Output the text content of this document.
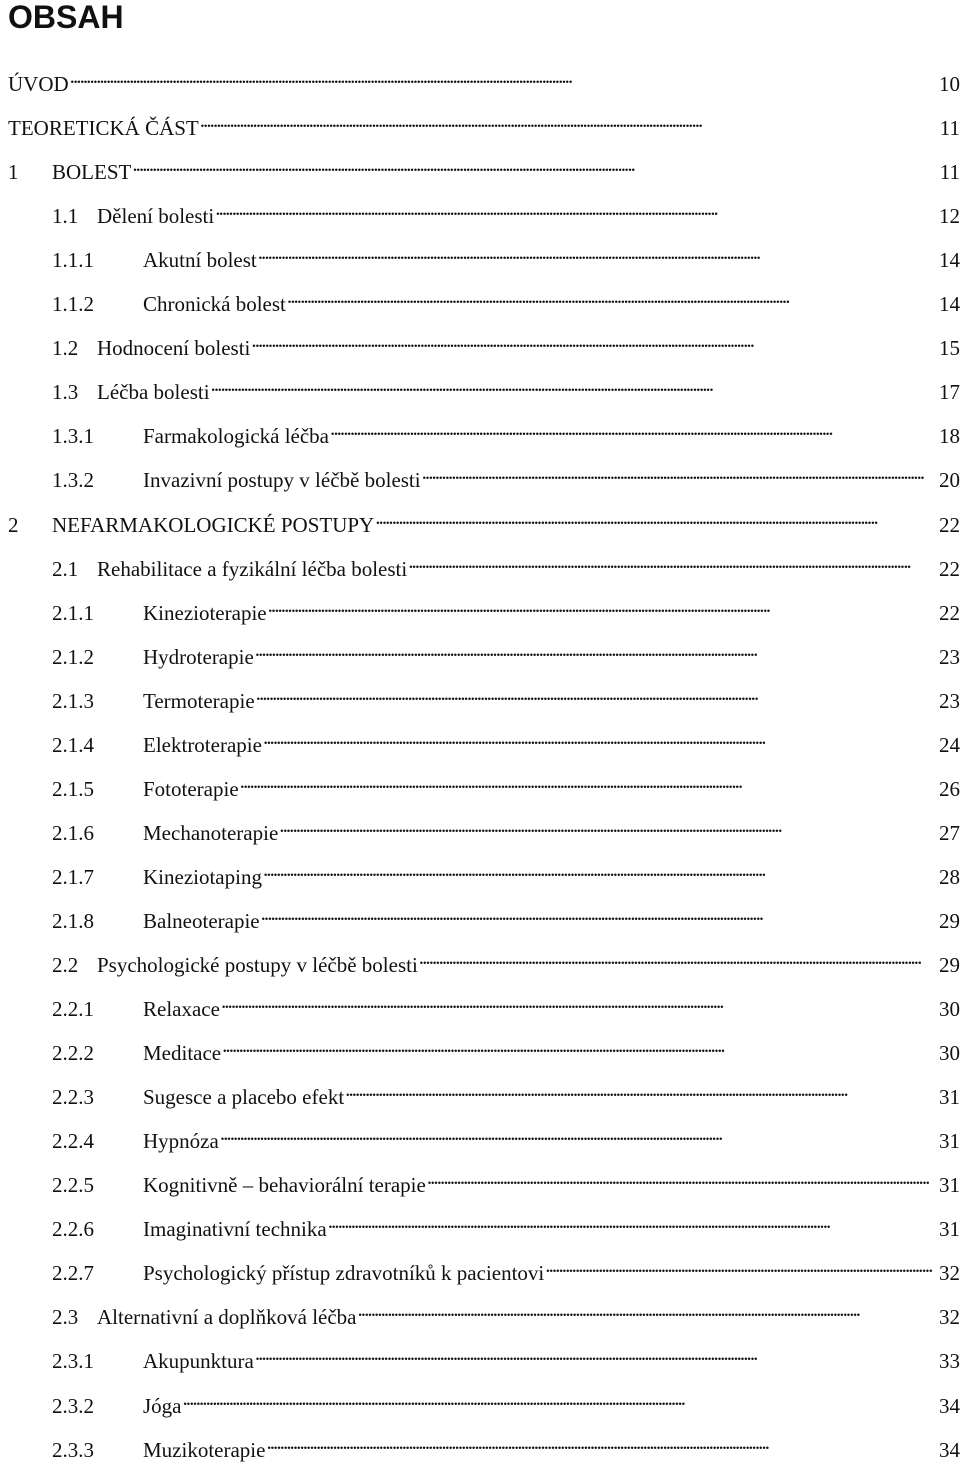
OBSAH
ÚVOD . . .	10
TEORETICKÁ ČÁST . . .	11
1	BOLEST . . .	11
1.1 Dělení bolesti . . .	12
1.1.1	Akutní bolest . . .	14
1.1.2	Chronická bolest . . .	14
1.2 Hodnocení bolesti . . .	15
1.3 Léčba bolesti . . .	17
1.3.1	Farmakologická léčba . . .	18
1.3.2	Invazivní postupy v léčbě bolesti . . .	20
2	NEFARMAKOLOGICKÉ POSTUPY . . .	22
2.1 Rehabilitace a fyzikální léčba bolesti . . .	22
2.1.1	Kinezioterapie . . .	22
2.1.2	Hydroterapie . . .	23
2.1.3	Termoterapie . . .	23
2.1.4	Elektroterapie . . .	24
2.1.5	Fototerapie . . .	26
2.1.6	Mechanoterapie . . .	27
2.1.7	Kineziotaping . . .	28
2.1.8	Balneoterapie . . .	29
2.2 Psychologické postupy v léčbě bolesti . . .	29
2.2.1	Relaxace . . .	30
2.2.2	Meditace . . .	30
2.2.3	Sugesce a placebo efekt . . .	31
2.2.4	Hypnóza . . .	31
2.2.5	Kognitivně – behaviorální terapie . . .	31
2.2.6	Imaginativní technika . . .	31
2.2.7	Psychologický přístup zdravotníků k pacientovi . . .	32
2.3 Alternativní a doplňková léčba . . .	32
2.3.1	Akupunktura . . .	33
2.3.2	Jóga . . .	34
2.3.3	Muzikoterapie . . .	34
